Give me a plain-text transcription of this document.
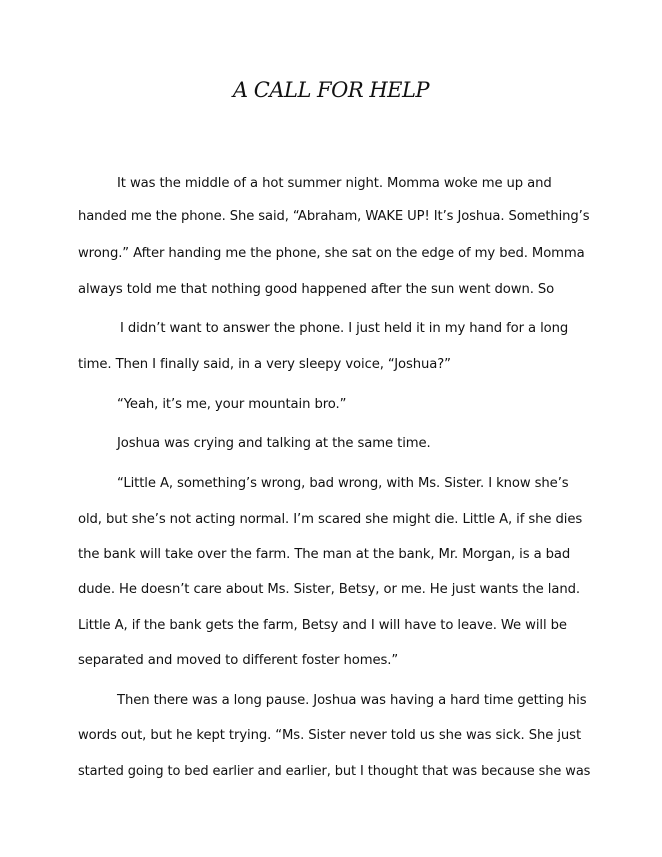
A CALL FOR HELP
It was the middle of a hot summer night. Momma woke me up and
handed me the phone. She said, “Abraham, WAKE UP! It’s Joshua. Something’s
wrong.” After handing me the phone, she sat on the edge of my bed. Momma
always told me that nothing good happened after the sun went down. So
I didn’t want to answer the phone. I just held it in my hand for a long
time. Then I finally said, in a very sleepy voice, “Joshua?”
“Yeah, it’s me, your mountain bro.”
Joshua was crying and talking at the same time.
“Little A, something’s wrong, bad wrong, with Ms. Sister. I know she’s
old, but she’s not acting normal. I’m scared she might die. Little A, if she dies
the bank will take over the farm. The man at the bank, Mr. Morgan, is a bad
dude. He doesn’t care about Ms. Sister, Betsy, or me. He just wants the land.
Little A, if the bank gets the farm, Betsy and I will have to leave. We will be
separated and moved to different foster homes.”
Then there was a long pause. Joshua was having a hard time getting his
words out, but he kept trying. “Ms. Sister never told us she was sick. She just
started going to bed earlier and earlier, but I thought that was because she was
